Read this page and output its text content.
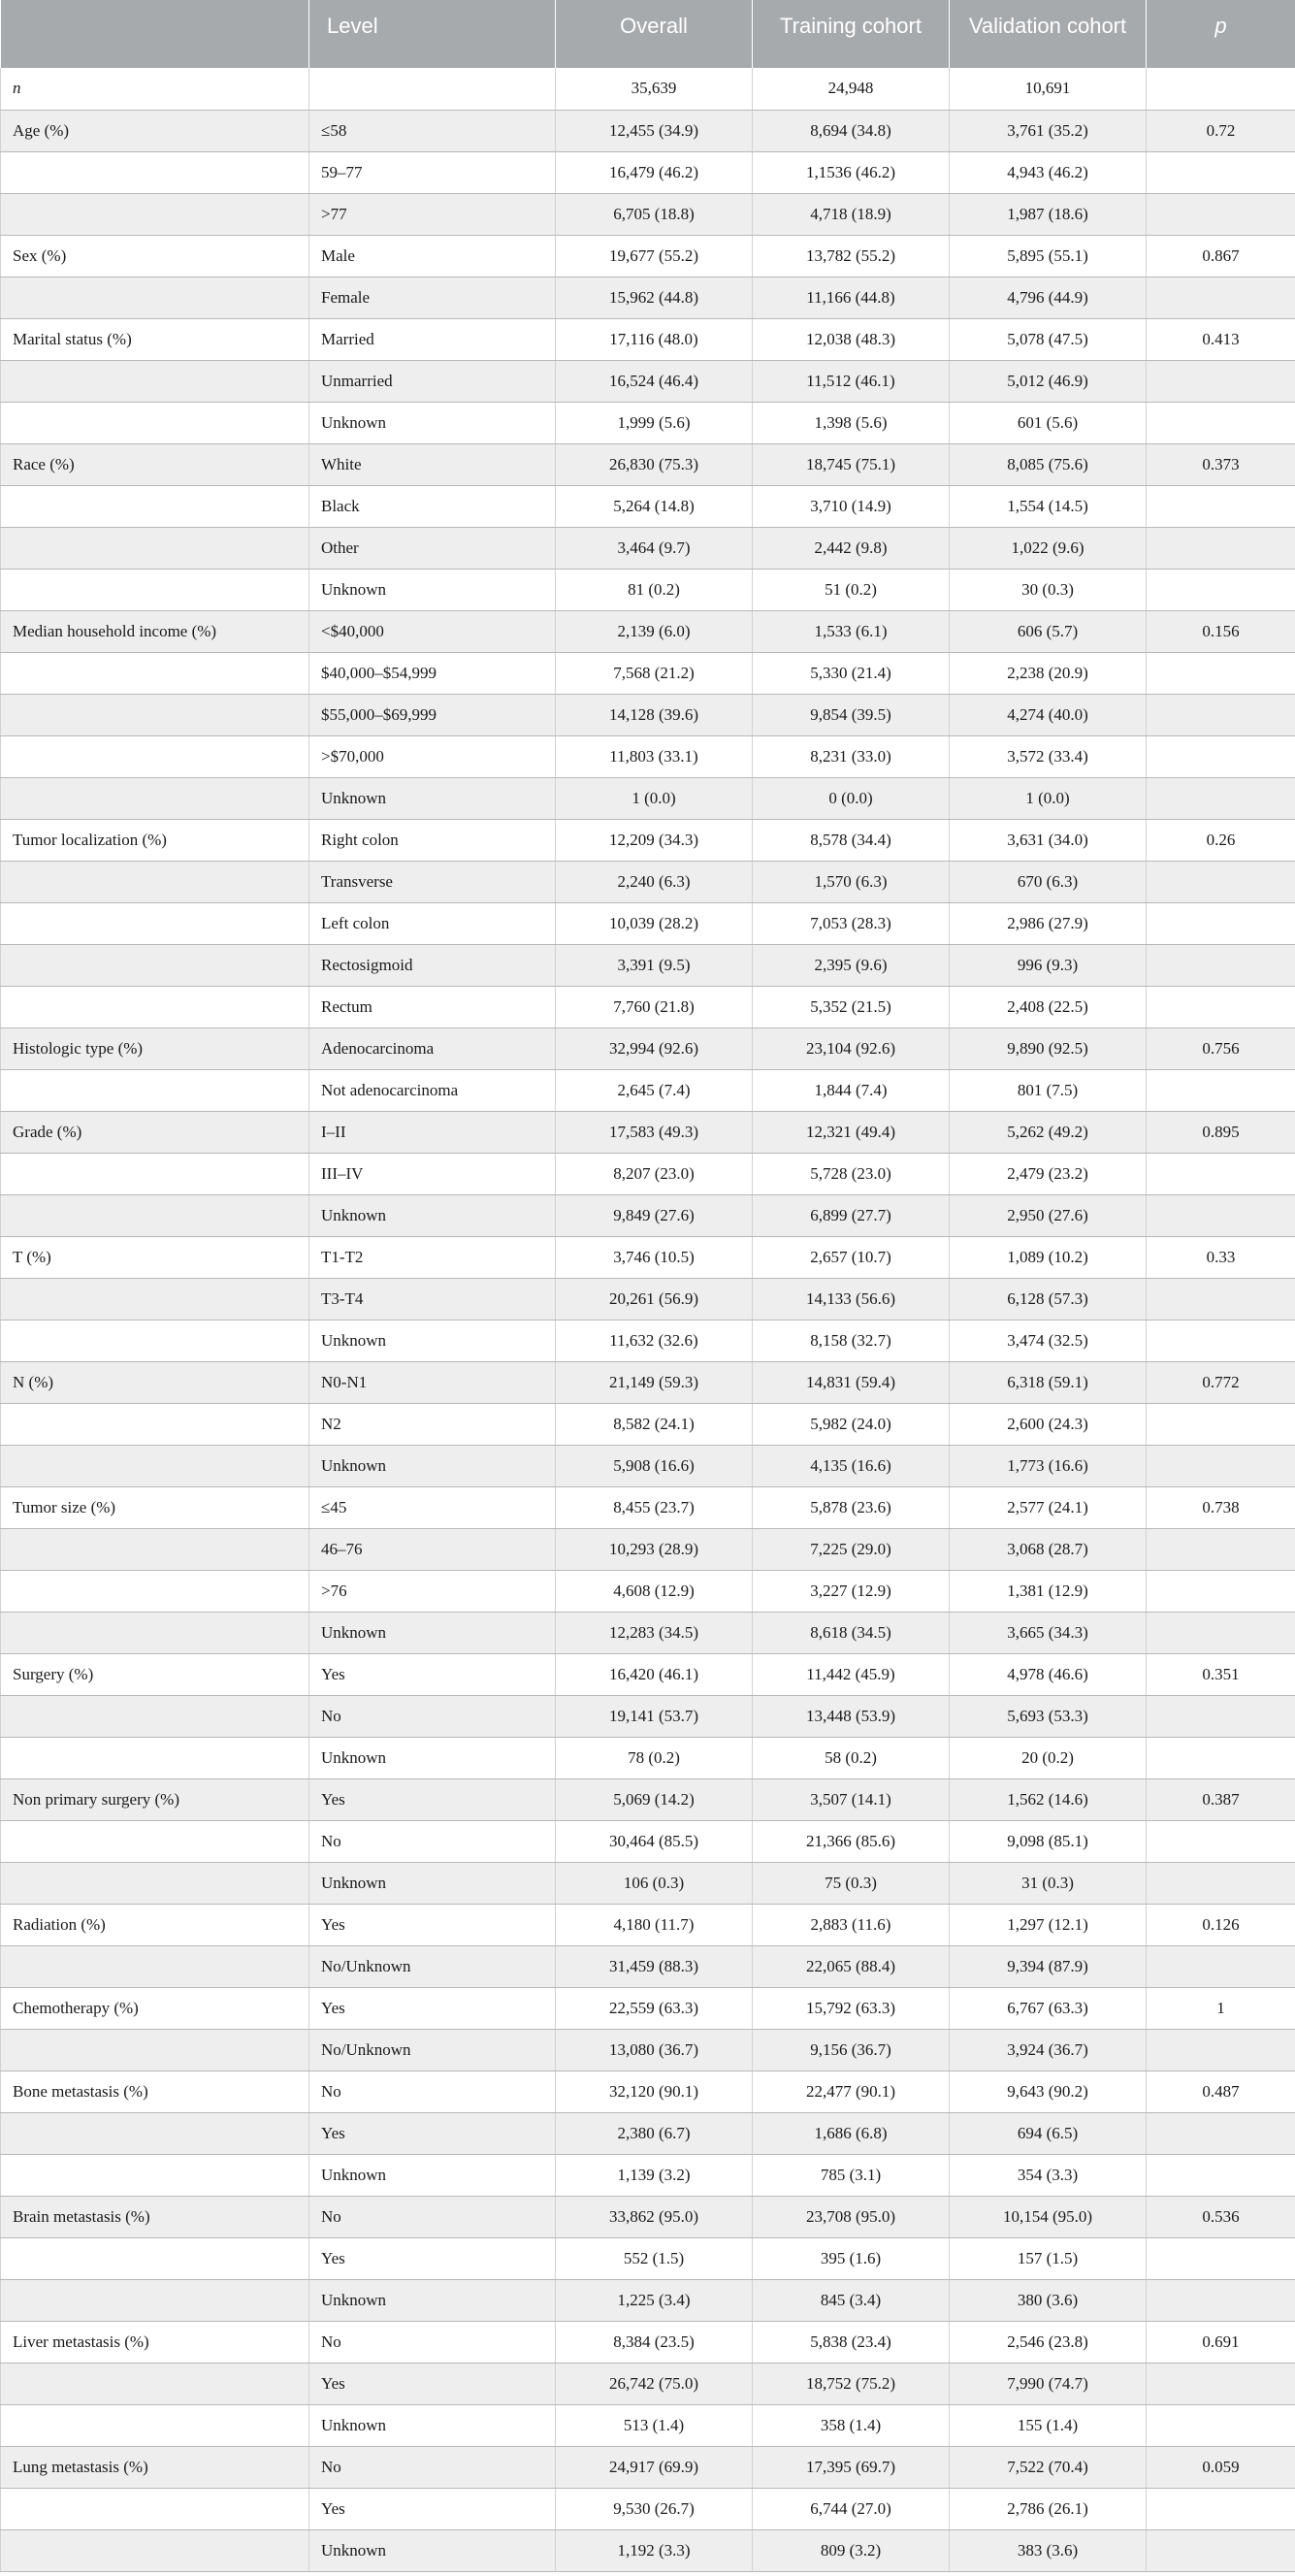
	Level	Overall	Training cohort	Validation cohort	p
n		35,639	24,948	10,691	
Age (%)	≤58	12,455 (34.9)	8,694 (34.8)	3,761 (35.2)	0.72
	59–77	16,479 (46.2)	1,1536 (46.2)	4,943 (46.2)	
	>77	6,705 (18.8)	4,718 (18.9)	1,987 (18.6)	
Sex (%)	Male	19,677 (55.2)	13,782 (55.2)	5,895 (55.1)	0.867
	Female	15,962 (44.8)	11,166 (44.8)	4,796 (44.9)	
Marital status (%)	Married	17,116 (48.0)	12,038 (48.3)	5,078 (47.5)	0.413
	Unmarried	16,524 (46.4)	11,512 (46.1)	5,012 (46.9)	
	Unknown	1,999 (5.6)	1,398 (5.6)	601 (5.6)	
Race (%)	White	26,830 (75.3)	18,745 (75.1)	8,085 (75.6)	0.373
	Black	5,264 (14.8)	3,710 (14.9)	1,554 (14.5)	
	Other	3,464 (9.7)	2,442 (9.8)	1,022 (9.6)	
	Unknown	81 (0.2)	51 (0.2)	30 (0.3)	
Median household income (%)	<$40,000	2,139 (6.0)	1,533 (6.1)	606 (5.7)	0.156
	$40,000–$54,999	7,568 (21.2)	5,330 (21.4)	2,238 (20.9)	
	$55,000–$69,999	14,128 (39.6)	9,854 (39.5)	4,274 (40.0)	
	>$70,000	11,803 (33.1)	8,231 (33.0)	3,572 (33.4)	
	Unknown	1 (0.0)	0 (0.0)	1 (0.0)	
Tumor localization (%)	Right colon	12,209 (34.3)	8,578 (34.4)	3,631 (34.0)	0.26
	Transverse	2,240 (6.3)	1,570 (6.3)	670 (6.3)	
	Left colon	10,039 (28.2)	7,053 (28.3)	2,986 (27.9)	
	Rectosigmoid	3,391 (9.5)	2,395 (9.6)	996 (9.3)	
	Rectum	7,760 (21.8)	5,352 (21.5)	2,408 (22.5)	
Histologic type (%)	Adenocarcinoma	32,994 (92.6)	23,104 (92.6)	9,890 (92.5)	0.756
	Not adenocarcinoma	2,645 (7.4)	1,844 (7.4)	801 (7.5)	
Grade (%)	I–II	17,583 (49.3)	12,321 (49.4)	5,262 (49.2)	0.895
	III–IV	8,207 (23.0)	5,728 (23.0)	2,479 (23.2)	
	Unknown	9,849 (27.6)	6,899 (27.7)	2,950 (27.6)	
T (%)	T1-T2	3,746 (10.5)	2,657 (10.7)	1,089 (10.2)	0.33
	T3-T4	20,261 (56.9)	14,133 (56.6)	6,128 (57.3)	
	Unknown	11,632 (32.6)	8,158 (32.7)	3,474 (32.5)	
N (%)	N0-N1	21,149 (59.3)	14,831 (59.4)	6,318 (59.1)	0.772
	N2	8,582 (24.1)	5,982 (24.0)	2,600 (24.3)	
	Unknown	5,908 (16.6)	4,135 (16.6)	1,773 (16.6)	
Tumor size (%)	≤45	8,455 (23.7)	5,878 (23.6)	2,577 (24.1)	0.738
	46–76	10,293 (28.9)	7,225 (29.0)	3,068 (28.7)	
	>76	4,608 (12.9)	3,227 (12.9)	1,381 (12.9)	
	Unknown	12,283 (34.5)	8,618 (34.5)	3,665 (34.3)	
Surgery (%)	Yes	16,420 (46.1)	11,442 (45.9)	4,978 (46.6)	0.351
	No	19,141 (53.7)	13,448 (53.9)	5,693 (53.3)	
	Unknown	78 (0.2)	58 (0.2)	20 (0.2)	
Non primary surgery (%)	Yes	5,069 (14.2)	3,507 (14.1)	1,562 (14.6)	0.387
	No	30,464 (85.5)	21,366 (85.6)	9,098 (85.1)	
	Unknown	106 (0.3)	75 (0.3)	31 (0.3)	
Radiation (%)	Yes	4,180 (11.7)	2,883 (11.6)	1,297 (12.1)	0.126
	No/Unknown	31,459 (88.3)	22,065 (88.4)	9,394 (87.9)	
Chemotherapy (%)	Yes	22,559 (63.3)	15,792 (63.3)	6,767 (63.3)	1
	No/Unknown	13,080 (36.7)	9,156 (36.7)	3,924 (36.7)	
Bone metastasis (%)	No	32,120 (90.1)	22,477 (90.1)	9,643 (90.2)	0.487
	Yes	2,380 (6.7)	1,686 (6.8)	694 (6.5)	
	Unknown	1,139 (3.2)	785 (3.1)	354 (3.3)	
Brain metastasis (%)	No	33,862 (95.0)	23,708 (95.0)	10,154 (95.0)	0.536
	Yes	552 (1.5)	395 (1.6)	157 (1.5)	
	Unknown	1,225 (3.4)	845 (3.4)	380 (3.6)	
Liver metastasis (%)	No	8,384 (23.5)	5,838 (23.4)	2,546 (23.8)	0.691
	Yes	26,742 (75.0)	18,752 (75.2)	7,990 (74.7)	
	Unknown	513 (1.4)	358 (1.4)	155 (1.4)	
Lung metastasis (%)	No	24,917 (69.9)	17,395 (69.7)	7,522 (70.4)	0.059
	Yes	9,530 (26.7)	6,744 (27.0)	2,786 (26.1)	
	Unknown	1,192 (3.3)	809 (3.2)	383 (3.6)	
